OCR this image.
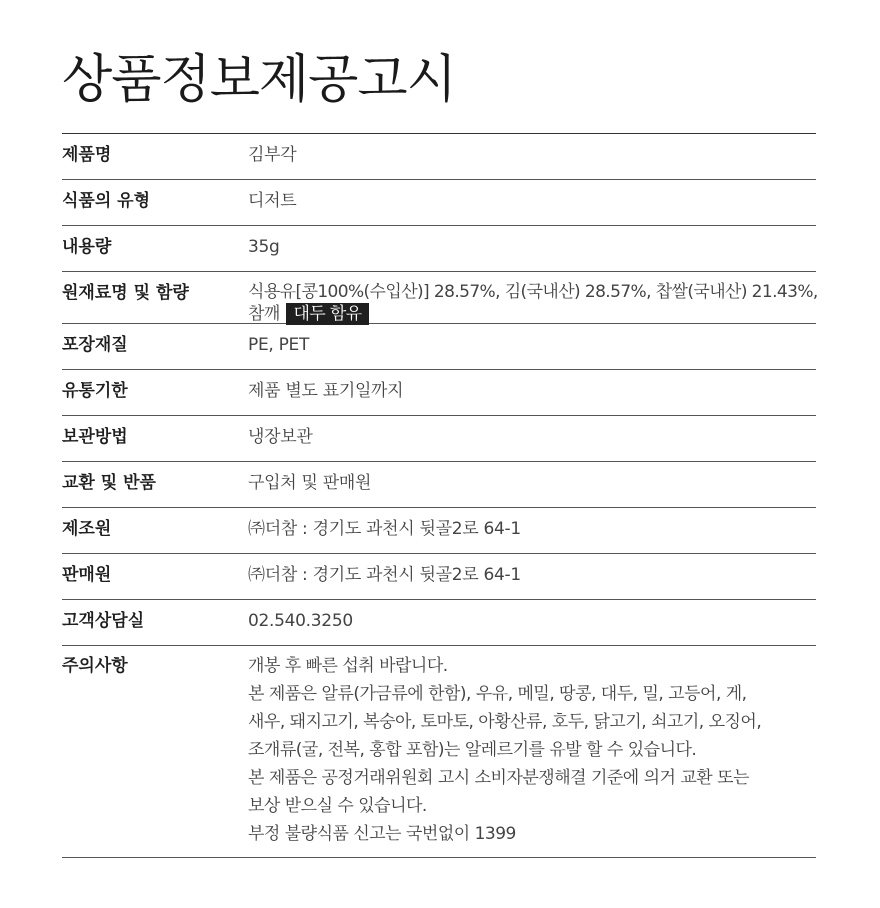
상품정보제공고시
제품명	김부각
식품의 유형	디저트
내용량	35g
원재료명 및 함량	식용유[콩100%(수입산)] 28.57%, 김(국내산) 28.57%, 찹쌀(국내산) 21.43%,
참깨 대두 함유
포장재질	PE, PET
유통기한	제품 별도 표기일까지
보관방법	냉장보관
교환 및 반품	구입처 및 판매원
제조원	㈜더참 : 경기도 과천시 뒷골2로 64-1
판매원	㈜더참 : 경기도 과천시 뒷골2로 64-1
고객상담실	02.540.3250
주의사항	개봉 후 빠른 섭취 바랍니다.
본 제품은 알류(가금류에 한함), 우유, 메밀, 땅콩, 대두, 밀, 고등어, 게,
새우, 돼지고기, 복숭아, 토마토, 아황산류, 호두, 닭고기, 쇠고기, 오징어,
조개류(굴, 전복, 홍합 포함)는 알레르기를 유발 할 수 있습니다.
본 제품은 공정거래위원회 고시 소비자분쟁해결 기준에 의거 교환 또는
보상 받으실 수 있습니다.
부정 불량식품 신고는 국번없이 1399
